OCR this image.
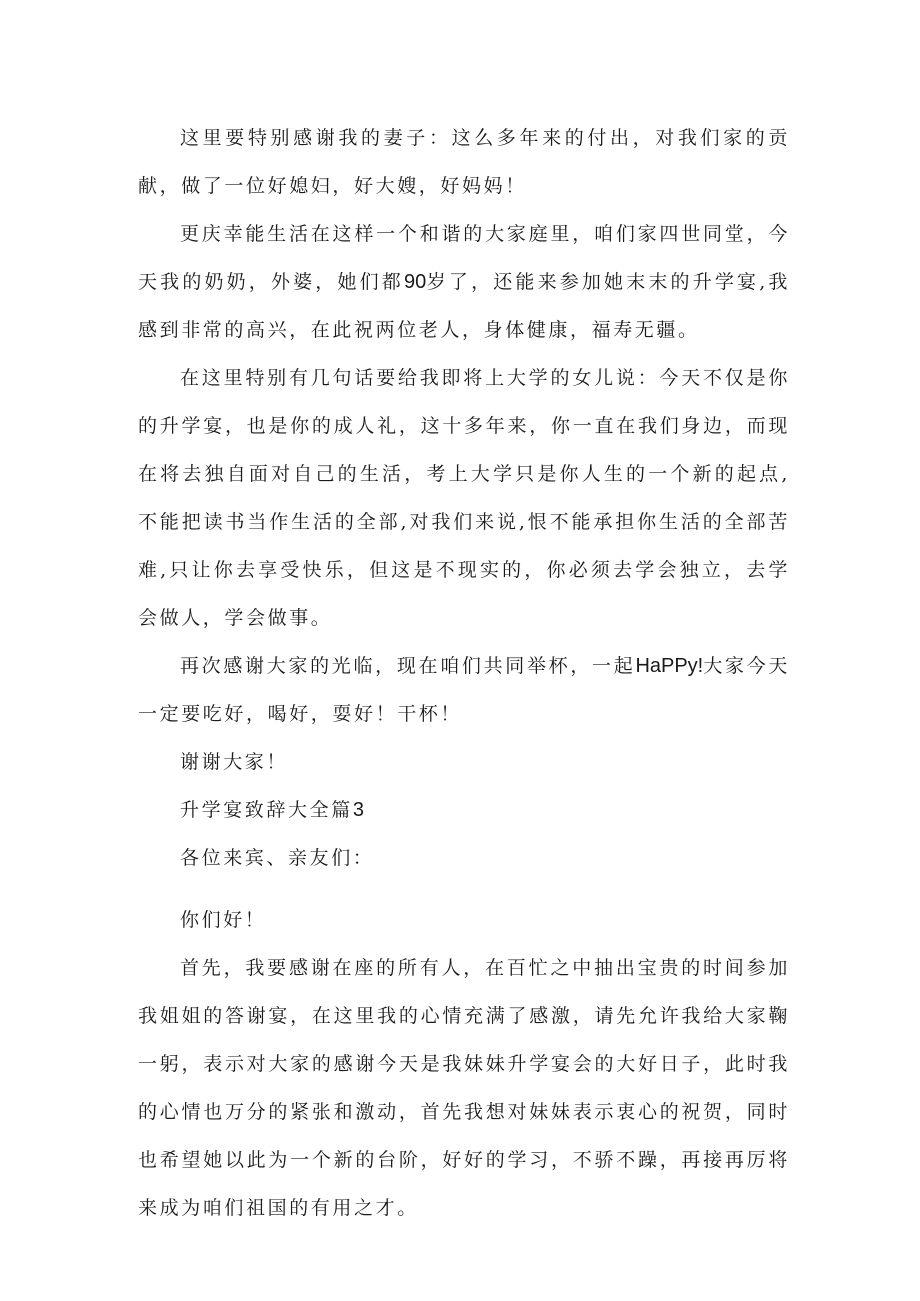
这里要特别感谢我的妻子：这么多年来的付出，对我们家的贡献，做了一位好媳妇，好大嫂，好妈妈！

更庆幸能生活在这样一个和谐的大家庭里，咱们家四世同堂，今天我的奶奶，外婆，她们都90岁了，还能来参加她末末的升学宴,我感到非常的高兴，在此祝两位老人，身体健康，福寿无疆。

在这里特别有几句话要给我即将上大学的女儿说：今天不仅是你的升学宴，也是你的成人礼，这十多年来，你一直在我们身边，而现在将去独自面对自己的生活，考上大学只是你人生的一个新的起点,不能把读书当作生活的全部,对我们来说,恨不能承担你生活的全部苦难,只让你去享受快乐，但这是不现实的，你必须去学会独立，去学会做人，学会做事。

再次感谢大家的光临，现在咱们共同举杯，一起HaPPy!大家今天一定要吃好，喝好，耍好！干杯！

谢谢大家！

升学宴致辞大全篇3

各位来宾、亲友们：

你们好！

首先，我要感谢在座的所有人，在百忙之中抽出宝贵的时间参加我姐姐的答谢宴，在这里我的心情充满了感激，请先允许我给大家鞠一躬，表示对大家的感谢今天是我妹妹升学宴会的大好日子，此时我的心情也万分的紧张和激动，首先我想对妹妹表示衷心的祝贺，同时也希望她以此为一个新的台阶，好好的学习，不骄不躁，再接再厉将来成为咱们祖国的有用之才。
